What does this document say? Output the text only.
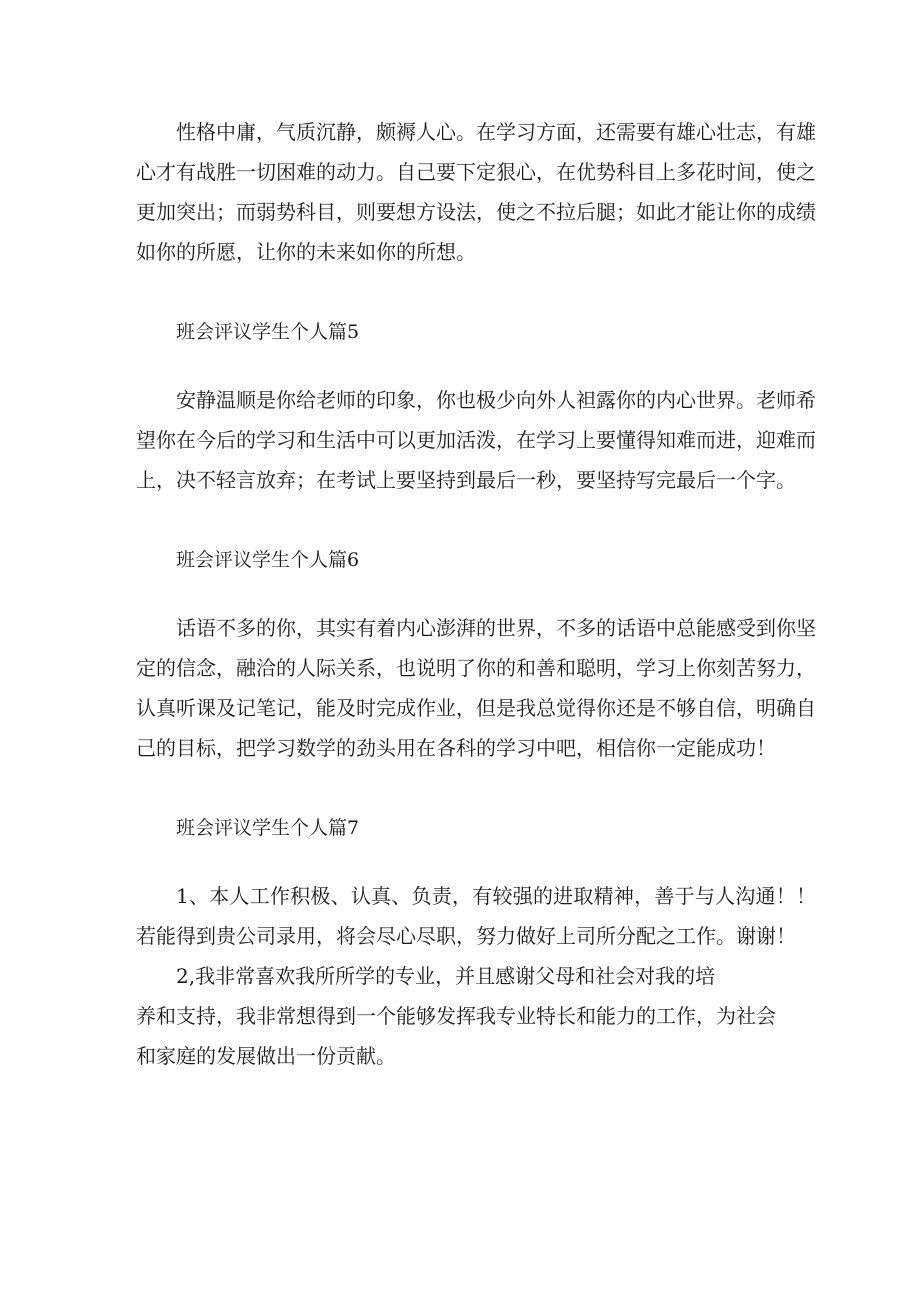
性格中庸，气质沉静，颇褥人心。在学习方面，还需要有雄心壮志，有雄心才有战胜一切困难的动力。自己要下定狠心，在优势科目上多花时间，使之更加突出；而弱势科目，则要想方设法，使之不拉后腿；如此才能让你的成绩如你的所愿，让你的未来如你的所想。

班会评议学生个人篇5

安静温顺是你给老师的印象，你也极少向外人袒露你的内心世界。老师希望你在今后的学习和生活中可以更加活泼，在学习上要懂得知难而进，迎难而上，决不轻言放弃；在考试上要坚持到最后一秒，要坚持写完最后一个字。

班会评议学生个人篇6

话语不多的你，其实有着内心澎湃的世界，不多的话语中总能感受到你坚定的信念，融洽的人际关系，也说明了你的和善和聪明，学习上你刻苦努力，认真听课及记笔记，能及时完成作业，但是我总觉得你还是不够自信，明确自己的目标，把学习数学的劲头用在各科的学习中吧，相信你一定能成功！

班会评议学生个人篇7

1、本人工作积极、认真、负责，有较强的进取精神，善于与人沟通！！若能得到贵公司录用，将会尽心尽职，努力做好上司所分配之工作。谢谢！

2,我非常喜欢我所所学的专业，并且感谢父母和社会对我的培
养和支持，我非常想得到一个能够发挥我专业特长和能力的工作，为社会
和家庭的发展做出一份贡献。
